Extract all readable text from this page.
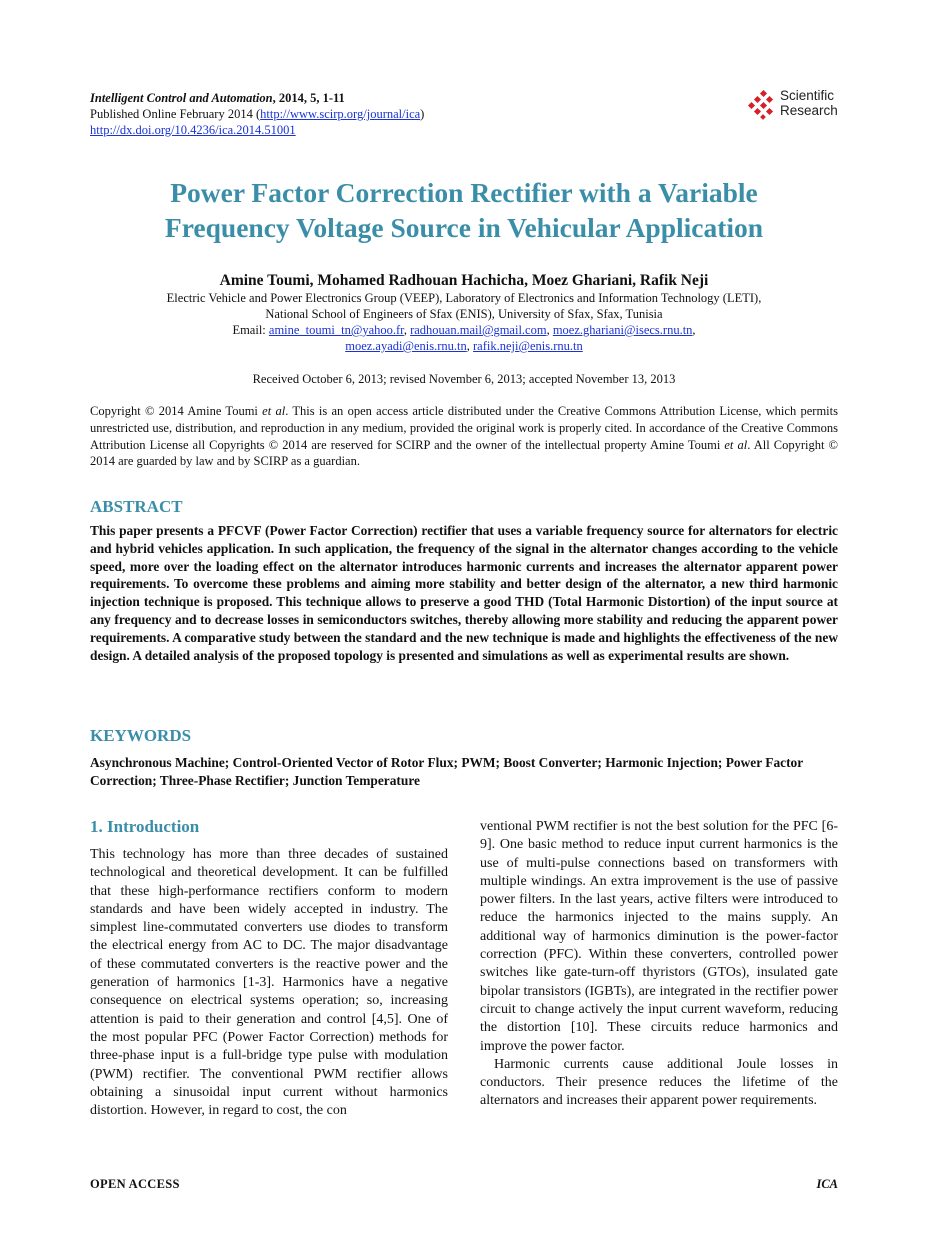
Intelligent Control and Automation, 2014, 5, 1-11
Published Online February 2014 (http://www.scirp.org/journal/ica)
http://dx.doi.org/10.4236/ica.2014.51001
Scientific
Research
Power Factor Correction Rectifier with a Variable
Frequency Voltage Source in Vehicular Application
Amine Toumi, Mohamed Radhouan Hachicha, Moez Ghariani, Rafik Neji
Electric Vehicle and Power Electronics Group (VEEP), Laboratory of Electronics and Information Technology (LETI),
National School of Engineers of Sfax (ENIS), University of Sfax, Sfax, Tunisia
Email: amine_toumi_tn@yahoo.fr, radhouan.mail@gmail.com, moez.ghariani@isecs.rnu.tn,
moez.ayadi@enis.rnu.tn, rafik.neji@enis.rnu.tn
Received October 6, 2013; revised November 6, 2013; accepted November 13, 2013
Copyright © 2014 Amine Toumi et al. This is an open access article distributed under the Creative Commons Attribution License, which permits unrestricted use, distribution, and reproduction in any medium, provided the original work is properly cited. In accordance of the Creative Commons Attribution License all Copyrights © 2014 are reserved for SCIRP and the owner of the intellectual property Amine Toumi et al. All Copyright © 2014 are guarded by law and by SCIRP as a guardian.
ABSTRACT
This paper presents a PFCVF (Power Factor Correction) rectifier that uses a variable frequency source for alternators for electric and hybrid vehicles application. In such application, the frequency of the signal in the alternator changes according to the vehicle speed, more over the loading effect on the alternator introduces harmonic currents and increases the alternator apparent power requirements. To overcome these problems and aiming more stability and better design of the alternator, a new third harmonic injection technique is proposed. This technique allows to preserve a good THD (Total Harmonic Distortion) of the input source at any frequency and to decrease losses in semiconductors switches, thereby allowing more stability and reducing the apparent power requirements. A comparative study between the standard and the new technique is made and highlights the effectiveness of the new design. A detailed analysis of the proposed topology is presented and simulations as well as experimental results are shown.
KEYWORDS
Asynchronous Machine; Control-Oriented Vector of Rotor Flux; PWM; Boost Converter; Harmonic Injection; Power Factor Correction; Three-Phase Rectifier; Junction Temperature
1. Introduction

This technology has more than three decades of sustained technological and theoretical development. It can be fulfilled that these high-performance rectifiers conform to modern standards and have been widely accepted in industry. The simplest line-commutated converters use diodes to transform the electrical energy from AC to DC. The major disadvantage of these commutated converters is the reactive power and the generation of harmonics [1-3]. Harmonics have a negative consequence on electrical systems operation; so, increasing attention is paid to their generation and control [4,5]. One of the most popular PFC (Power Factor Correction) methods for three-phase input is a full-bridge type pulse with modulation (PWM) rectifier. The conventional PWM rectifier allows obtaining a sinusoidal input current without harmonics distortion. However, in regard to cost, the con

ventional PWM rectifier is not the best solution for the PFC [6-9]. One basic method to reduce input current harmonics is the use of multi-pulse connections based on transformers with multiple windings. An extra improvement is the use of passive power filters. In the last years, active filters were introduced to reduce the harmonics injected to the mains supply. An additional way of harmonics diminution is the power-factor correction (PFC). Within these converters, controlled power switches like gate-turn-off thyristors (GTOs), insulated gate bipolar transistors (IGBTs), are integrated in the rectifier power circuit to change actively the input current waveform, reducing the distortion [10]. These circuits reduce harmonics and improve the power factor.

Harmonic currents cause additional Joule losses in conductors. Their presence reduces the lifetime of the alternators and increases their apparent power requirements.

OPEN ACCESS	ICA
